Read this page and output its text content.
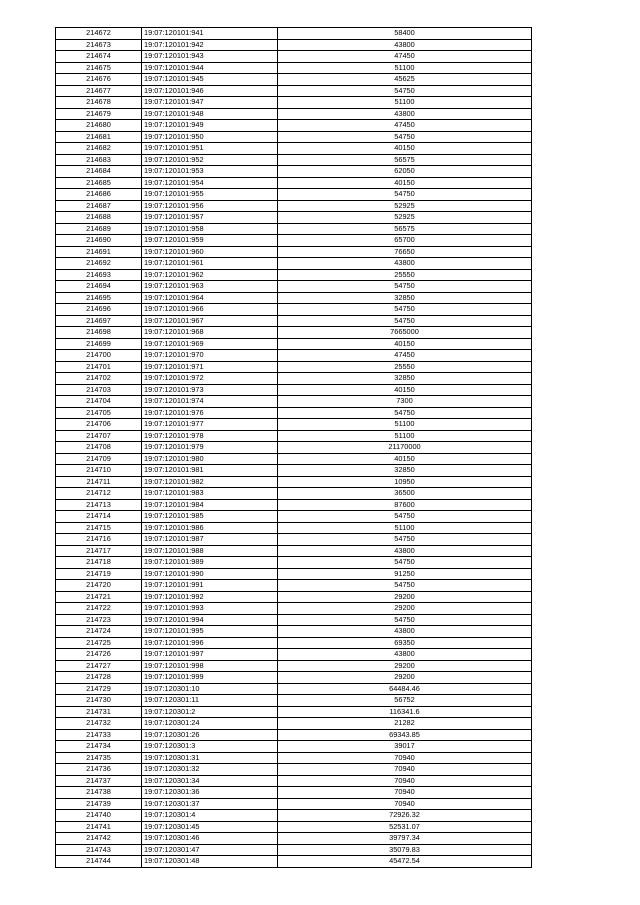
214672	19:07:120101:941	58400
214673	19:07:120101:942	43800
214674	19:07:120101:943	47450
214675	19:07:120101:944	51100
214676	19:07:120101:945	45625
214677	19:07:120101:946	54750
214678	19:07:120101:947	51100
214679	19:07:120101:948	43800
214680	19:07:120101:949	47450
214681	19:07:120101:950	54750
214682	19:07:120101:951	40150
214683	19:07:120101:952	56575
214684	19:07:120101:953	62050
214685	19:07:120101:954	40150
214686	19:07:120101:955	54750
214687	19:07:120101:956	52925
214688	19:07:120101:957	52925
214689	19:07:120101:958	56575
214690	19:07:120101:959	65700
214691	19:07:120101:960	76650
214692	19:07:120101:961	43800
214693	19:07:120101:962	25550
214694	19:07:120101:963	54750
214695	19:07:120101:964	32850
214696	19:07:120101:966	54750
214697	19:07:120101:967	54750
214698	19:07:120101:968	7665000
214699	19:07:120101:969	40150
214700	19:07:120101:970	47450
214701	19:07:120101:971	25550
214702	19:07:120101:972	32850
214703	19:07:120101:973	40150
214704	19:07:120101:974	7300
214705	19:07:120101:976	54750
214706	19:07:120101:977	51100
214707	19:07:120101:978	51100
214708	19:07:120101:979	21170000
214709	19:07:120101:980	40150
214710	19:07:120101:981	32850
214711	19:07:120101:982	10950
214712	19:07:120101:983	36500
214713	19:07:120101:984	87600
214714	19:07:120101:985	54750
214715	19:07:120101:986	51100
214716	19:07:120101:987	54750
214717	19:07:120101:988	43800
214718	19:07:120101:989	54750
214719	19:07:120101:990	91250
214720	19:07:120101:991	54750
214721	19:07:120101:992	29200
214722	19:07:120101:993	29200
214723	19:07:120101:994	54750
214724	19:07:120101:995	43800
214725	19:07:120101:996	69350
214726	19:07:120101:997	43800
214727	19:07:120101:998	29200
214728	19:07:120101:999	29200
214729	19:07:120301:10	64484.46
214730	19:07:120301:11	56752
214731	19:07:120301:2	116341.6
214732	19:07:120301:24	21282
214733	19:07:120301:26	69343.85
214734	19:07:120301:3	39017
214735	19:07:120301:31	70940
214736	19:07:120301:32	70940
214737	19:07:120301:34	70940
214738	19:07:120301:36	70940
214739	19:07:120301:37	70940
214740	19:07:120301:4	72926.32
214741	19:07:120301:45	52531.07
214742	19:07:120301:46	39797.34
214743	19:07:120301:47	35079.83
214744	19:07:120301:48	45472.54
